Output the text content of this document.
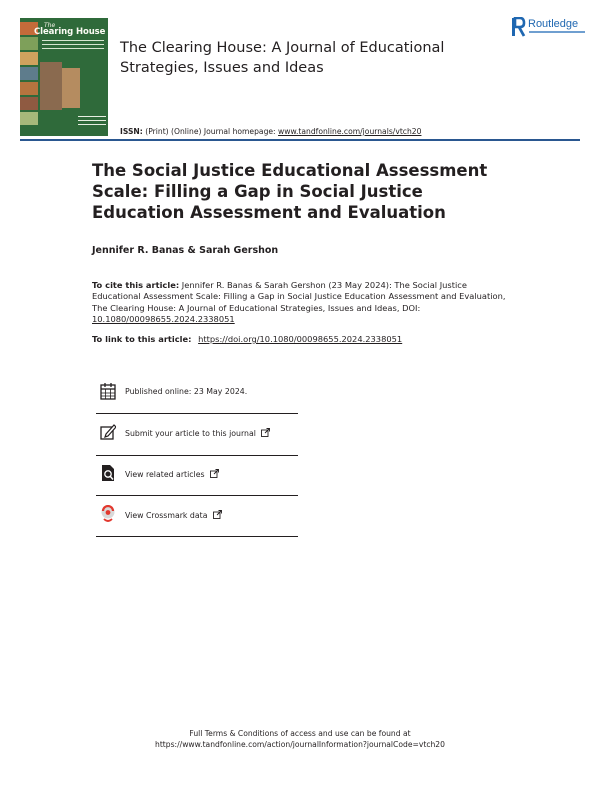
The
Clearing House
Routledge
The Clearing House: A Journal of Educational Strategies, Issues and Ideas
ISSN: (Print) (Online) Journal homepage: www.tandfonline.com/journals/vtch20
The Social Justice Educational Assessment Scale: Filling a Gap in Social Justice Education Assessment and Evaluation
Jennifer R. Banas & Sarah Gershon
To cite this article: Jennifer R. Banas & Sarah Gershon (23 May 2024): The Social Justice Educational Assessment Scale: Filling a Gap in Social Justice Education Assessment and Evaluation, The Clearing House: A Journal of Educational Strategies, Issues and Ideas, DOI: 10.1080/00098655.2024.2338051
To link to this article: https://doi.org/10.1080/00098655.2024.2338051
Published online: 23 May 2024.
Submit your article to this journal
View related articles
View Crossmark data
Full Terms & Conditions of access and use can be found at
https://www.tandfonline.com/action/journalInformation?journalCode=vtch20
